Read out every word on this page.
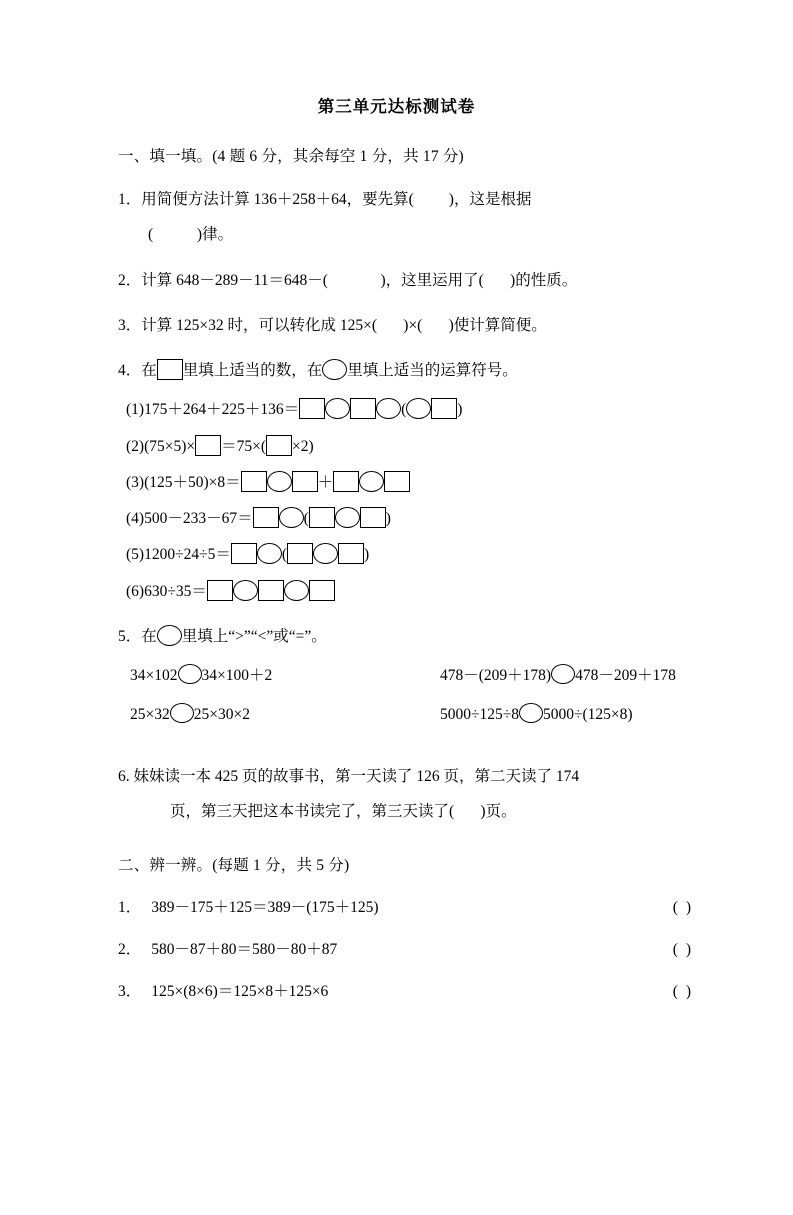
第三单元达标测试卷
一、填一填。(4 题 6 分，其余每空 1 分，共 17 分)
1．用简便方法计算 136＋258＋64，要先算( )，这是根据
(	)律。
2．计算 648－289－11＝648－(	)，这里运用了( )的性质。
3．计算 125×32 时，可以转化成 125×( )×( )使计算简便。
4．在 里填上适当的数，在 里填上适当的运算符号。
(1)175＋264＋225＋136＝	(	)
(2)(75×5)× ＝75×( ×2)
(3)(125＋50)×8＝	＋
(4)500－233－67＝	(	)
(5)1200÷24÷5＝	(	)
(6)630÷35＝
5．在 里填上“>”“<”或“=”。
34×102 34×100＋2	478－(209＋178) 478－209＋178
25×32 25×30×2	5000÷125÷8 5000÷(125×8)
6. 妹妹读一本 425 页的故事书，第一天读了 126 页，第二天读了 174
页，第三天把这本书读完了，第三天读了( )页。
二、辨一辨。(每题 1 分，共 5 分)
1． 389－175＋125＝389－(175＋125)	( )
2． 580－87＋80＝580－80＋87	( )
3． 125×(8×6)＝125×8＋125×6	( )
